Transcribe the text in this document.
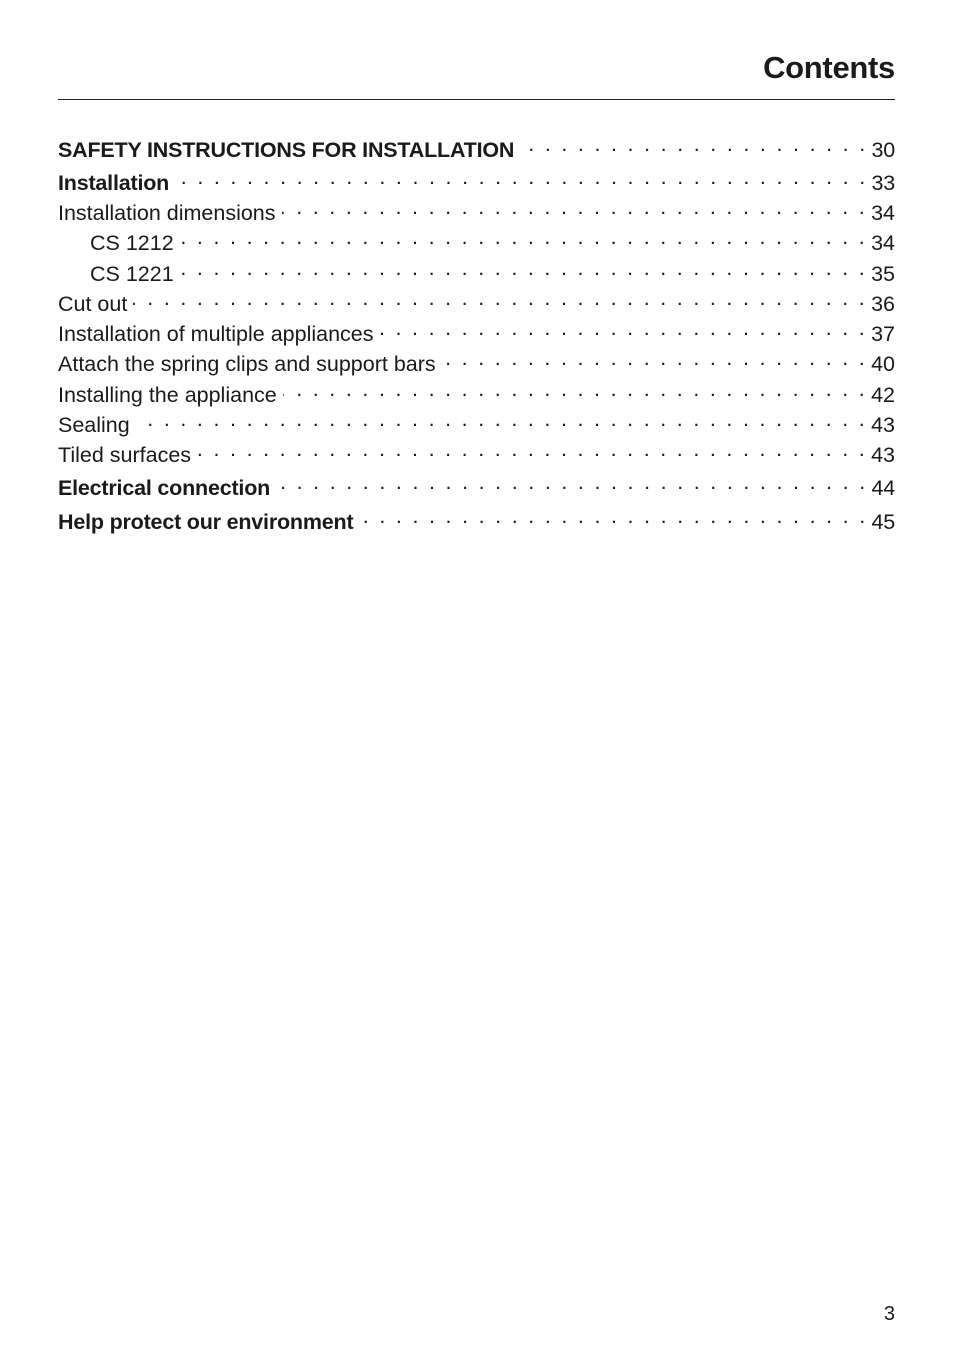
Contents
SAFETY INSTRUCTIONS FOR INSTALLATION . . .	30
Installation . . .	33
Installation dimensions . . .	34
CS 1212 . . .	34
CS 1221 . . .	35
Cut out . . .	36
Installation of multiple appliances . . .	37
Attach the spring clips and support bars . . .	40
Installing the appliance . . .	42
Sealing . . .	43
Tiled surfaces . . .	43
Electrical connection . . .	44
Help protect our environment . . .	45
3
